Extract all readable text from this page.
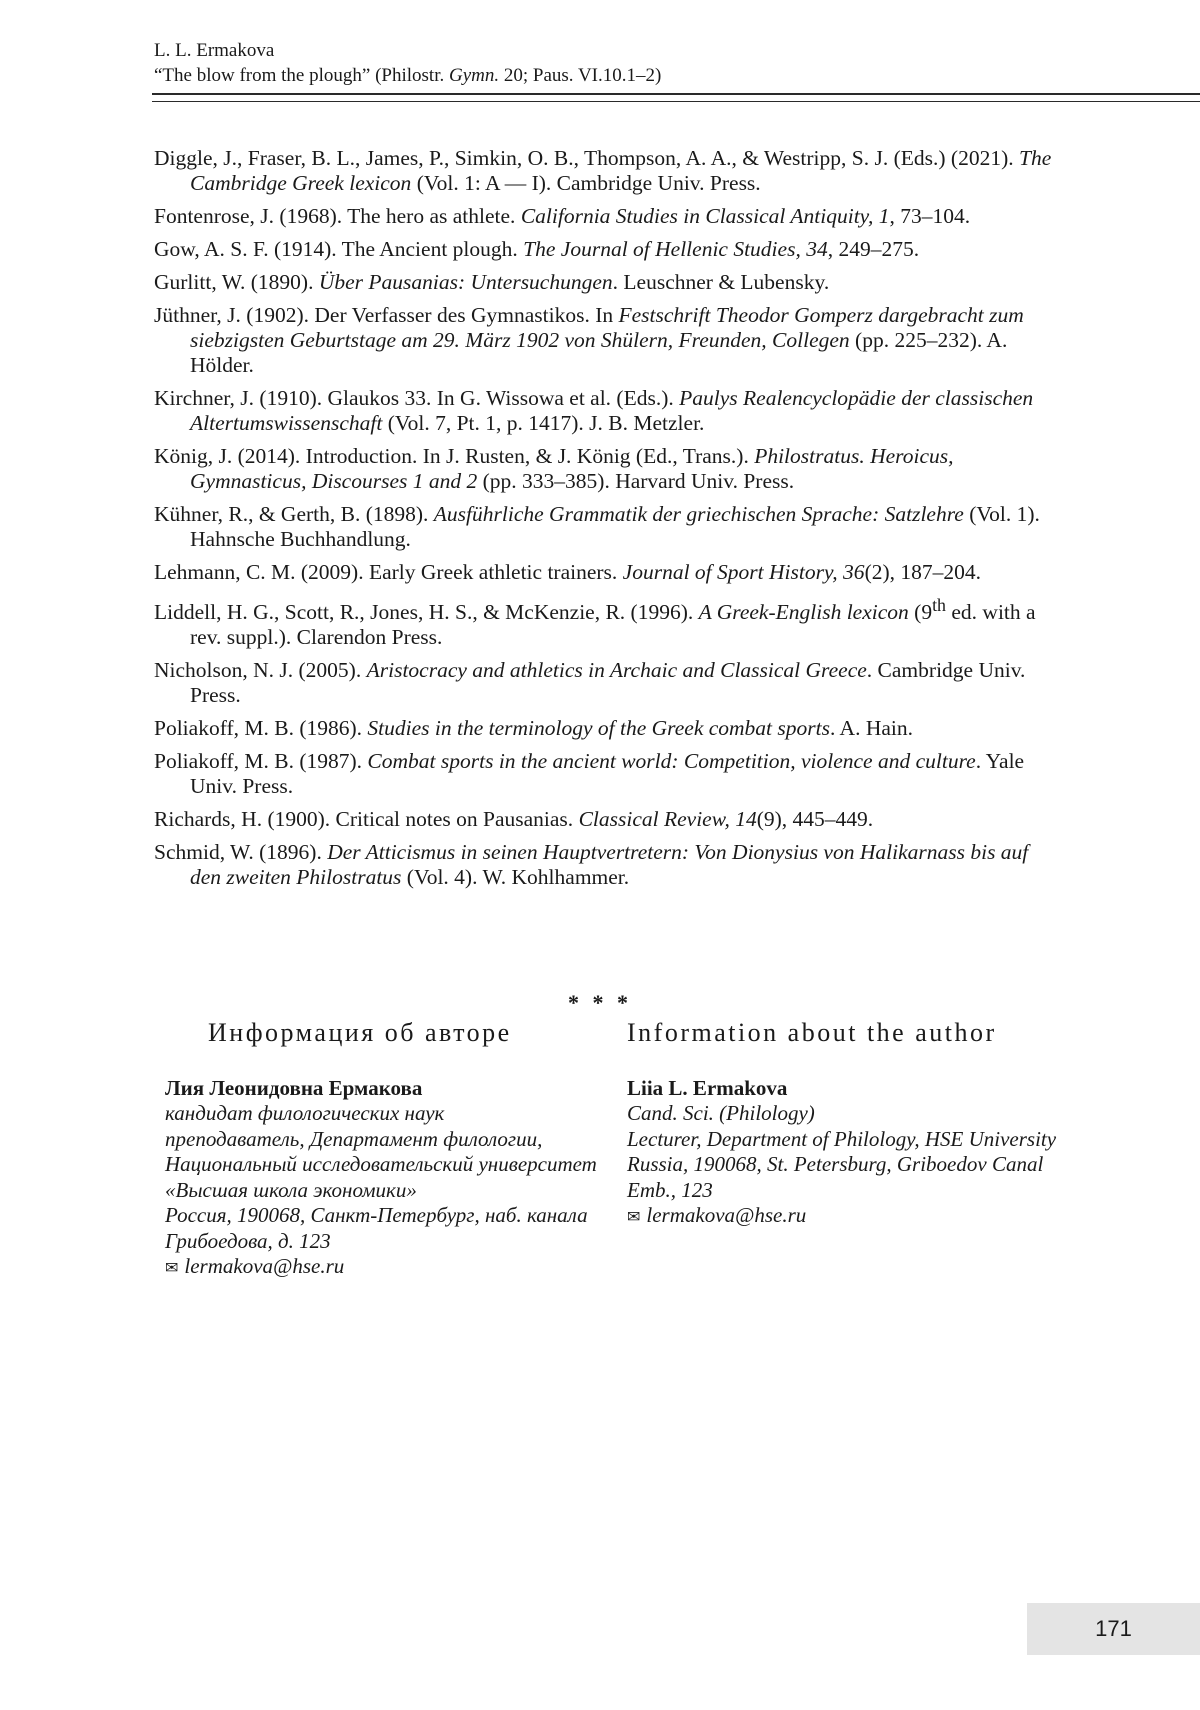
L. L. Ermakova
“The blow from the plough” (Philostr. Gymn. 20; Paus. VI.10.1–2)
Diggle, J., Fraser, B. L., James, P., Simkin, O. B., Thompson, A. A., & Westripp, S. J. (Eds.) (2021). The Cambridge Greek lexicon (Vol. 1: A — I). Cambridge Univ. Press.
Fontenrose, J. (1968). The hero as athlete. California Studies in Classical Antiquity, 1, 73–104.
Gow, A. S. F. (1914). The Ancient plough. The Journal of Hellenic Studies, 34, 249–275.
Gurlitt, W. (1890). Über Pausanias: Untersuchungen. Leuschner & Lubensky.
Jüthner, J. (1902). Der Verfasser des Gymnastikos. In Festschrift Theodor Gomperz dargebracht zum siebzigsten Geburtstage am 29. März 1902 von Shülern, Freunden, Collegen (pp. 225–232). A. Hölder.
Kirchner, J. (1910). Glaukos 33. In G. Wissowa et al. (Eds.). Paulys Realencyclopädie der classischen Altertumswissenschaft (Vol. 7, Pt. 1, p. 1417). J. B. Metzler.
König, J. (2014). Introduction. In J. Rusten, & J. König (Ed., Trans.). Philostratus. Heroicus, Gymnasticus, Discourses 1 and 2 (pp. 333–385). Harvard Univ. Press.
Kühner, R., & Gerth, B. (1898). Ausführliche Grammatik der griechischen Sprache: Satzlehre (Vol. 1). Hahnsche Buchhandlung.
Lehmann, C. M. (2009). Early Greek athletic trainers. Journal of Sport History, 36(2), 187–204.
Liddell, H. G., Scott, R., Jones, H. S., & McKenzie, R. (1996). A Greek-English lexicon (9th ed. with a rev. suppl.). Clarendon Press.
Nicholson, N. J. (2005). Aristocracy and athletics in Archaic and Classical Greece. Cambridge Univ. Press.
Poliakoff, M. B. (1986). Studies in the terminology of the Greek combat sports. A. Hain.
Poliakoff, M. B. (1987). Combat sports in the ancient world: Competition, violence and culture. Yale Univ. Press.
Richards, H. (1900). Critical notes on Pausanias. Classical Review, 14(9), 445–449.
Schmid, W. (1896). Der Atticismus in seinen Hauptvertretern: Von Dionysius von Halikarnass bis auf den zweiten Philostratus (Vol. 4). W. Kohlhammer.
* * *
Информация об авторе
Лия Леонидовна Ермакова
кандидат филологических наук
преподаватель, Департамент филологии, Национальный исследовательский университет «Высшая школа экономики»
Россия, 190068, Санкт-Петербург, наб. канала Грибоедова, д. 123
✉ lermakova@hse.ru
Information about the author
Liia L. Ermakova
Cand. Sci. (Philology)
Lecturer, Department of Philology, HSE University
Russia, 190068, St. Petersburg, Griboedov Canal Emb., 123
✉ lermakova@hse.ru
171
